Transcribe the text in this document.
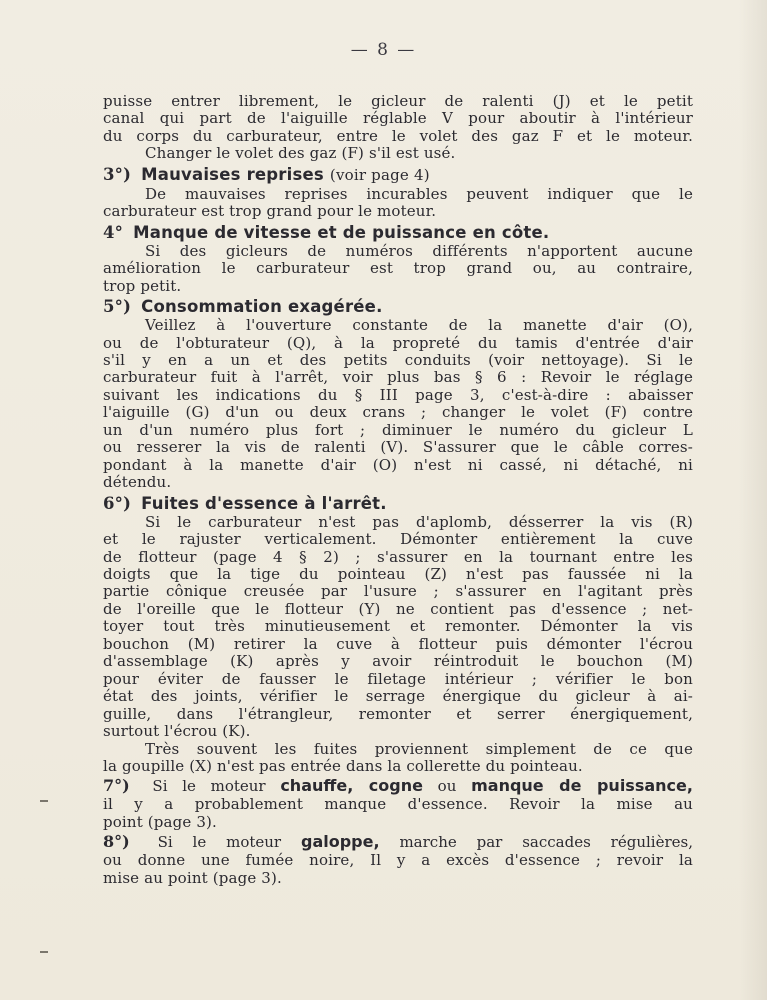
— 8 —
puisse entrer librement, le gicleur de ralenti (J) et le petit
canal qui part de l'aiguille réglable V pour aboutir à l'intérieur
du corps du carburateur, entre le volet des gaz F et le moteur.
Changer le volet des gaz (F) s'il est usé.
3°) Mauvaises reprises (voir page 4)
De mauvaises reprises incurables peuvent indiquer que le
carburateur est trop grand pour le moteur.
4° Manque de vitesse et de puissance en côte.
Si des gicleurs de numéros différents n'apportent aucune
amélioration le carburateur est trop grand ou, au contraire,
trop petit.
5°) Consommation exagérée.
Veillez à l'ouverture constante de la manette d'air (O),
ou de l'obturateur (Q), à la propreté du tamis d'entrée d'air
s'il y en a un et des petits conduits (voir nettoyage). Si le
carburateur fuit à l'arrêt, voir plus bas § 6 : Revoir le réglage
suivant les indications du § III page 3, c'est-à-dire : abaisser
l'aiguille (G) d'un ou deux crans ; changer le volet (F) contre
un d'un numéro plus fort ; diminuer le numéro du gicleur L
ou resserer la vis de ralenti (V). S'assurer que le câble corres-
pondant à la manette d'air (O) n'est ni cassé, ni détaché, ni
détendu.
6°) Fuites d'essence à l'arrêt.
Si le carburateur n'est pas d'aplomb, désserrer la vis (R)
et le rajuster verticalement. Démonter entièrement la cuve
de flotteur (page 4 § 2) ; s'assurer en la tournant entre les
doigts que la tige du pointeau (Z) n'est pas faussée ni la
partie cônique creusée par l'usure ; s'assurer en l'agitant près
de l'oreille que le flotteur (Y) ne contient pas d'essence ; net-
toyer tout très minutieusement et remonter. Démonter la vis
bouchon (M) retirer la cuve à flotteur puis démonter l'écrou
d'assemblage (K) après y avoir réintroduit le bouchon (M)
pour éviter de fausser le filetage intérieur ; vérifier le bon
état des joints, vérifier le serrage énergique du gicleur à ai-
guille, dans l'étrangleur, remonter et serrer énergiquement,
surtout l'écrou (K).
Très souvent les fuites proviennent simplement de ce que
la goupille (X) n'est pas entrée dans la collerette du pointeau.
7°) Si le moteur chauffe, cogne ou manque de puissance,
il y a probablement manque d'essence. Revoir la mise au
point (page 3).
8°) Si le moteur galoppe, marche par saccades régulières,
ou donne une fumée noire, Il y a excès d'essence ; revoir la
mise au point (page 3).
